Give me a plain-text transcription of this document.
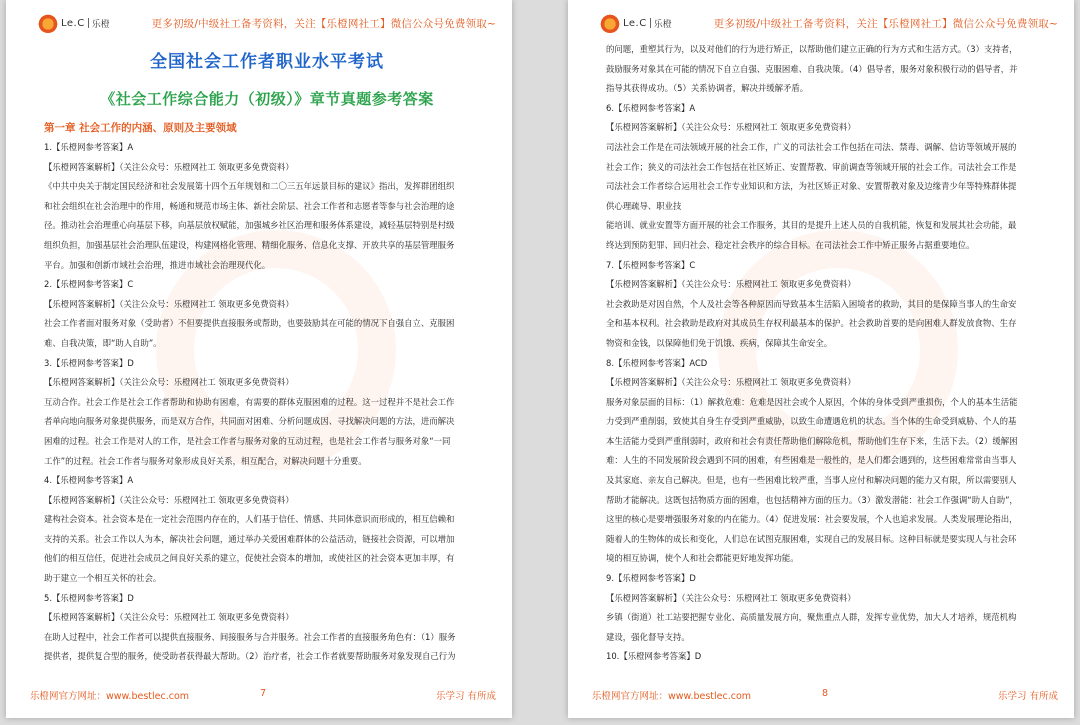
Le.C 乐橙	更多初级/中级社工备考资料，关注【乐橙网社工】微信公众号免费领取~

全国社会工作者职业水平考试

《社会工作综合能力（初级）》章节真题参考答案

第一章 社会工作的内涵、原则及主要领域

1.【乐橙网参考答案】A

【乐橙网答案解析】（关注公众号：乐橙网社工 领取更多免费资料）

《中共中央关于制定国民经济和社会发展第十四个五年规划和二〇三五年远景目标的建议》指出，发挥群团组织

和社会组织在社会治理中的作用，畅通和规范市场主体、新社会阶层、社会工作者和志愿者等参与社会治理的途

径。推动社会治理重心向基层下移，向基层放权赋能，加强城乡社区治理和服务体系建设，减轻基层特别是村级

组织负担，加强基层社会治理队伍建设，构建网格化管理、精细化服务、信息化支撑、开放共享的基层管理服务

平台。加强和创新市域社会治理，推进市域社会治理现代化。

2.【乐橙网参考答案】C

【乐橙网答案解析】（关注公众号：乐橙网社工 领取更多免费资料）

社会工作者面对服务对象（受助者）不但要提供直接服务或帮助，也要鼓励其在可能的情况下自强自立、克服困

难、自我决策，即“助人自助”。

3.【乐橙网参考答案】D

【乐橙网答案解析】（关注公众号：乐橙网社工 领取更多免费资料）

互动合作。社会工作是社会工作者帮助和协助有困难，有需要的群体克服困难的过程。这一过程并不是社会工作

者单向地向服务对象提供服务，而是双方合作，共同面对困难、分析问题成因、寻找解决问题的方法，进而解决

困难的过程。社会工作是对人的工作，是社会工作者与服务对象的互动过程，也是社会工作者与服务对象“一同

工作”的过程。社会工作者与服务对象形成良好关系，相互配合，对解决问题十分重要。

4.【乐橙网参考答案】A

【乐橙网答案解析】（关注公众号：乐橙网社工 领取更多免费资料）

建构社会资本。社会资本是在一定社会范围内存在的，人们基于信任、情感、共同体意识而形成的，相互信赖和

支持的关系。社会工作以人为本，解决社会问题，通过举办关爱困难群体的公益活动，链接社会资源，可以增加

他们的相互信任，促进社会成员之间良好关系的建立，促使社会资本的增加，或使社区的社会资本更加丰厚，有

助于建立一个相互关怀的社会。

5.【乐橙网参考答案】D

【乐橙网答案解析】（关注公众号：乐橙网社工 领取更多免费资料）

在助人过程中，社会工作者可以提供直接服务、间接服务与合并服务。社会工作者的直接服务角色有：（1）服务

提供者，提供复合型的服务，使受助者获得最大帮助。（2）治疗者，社会工作者就要帮助服务对象发现自己行为

乐橙网官方网址：www.bestlec.com	7	乐学习 有所成
Le.C 乐橙	更多初级/中级社工备考资料，关注【乐橙网社工】微信公众号免费领取~

的问题，重塑其行为，以及对他们的行为进行矫正，以帮助他们建立正确的行为方式和生活方式。（3）支持者，

鼓励服务对象其在可能的情况下自立自强、克服困难、自我决策。（4）倡导者，服务对象积极行动的倡导者，并

指导其获得成功。（5）关系协调者，解决并缓解矛盾。

6.【乐橙网参考答案】A

【乐橙网答案解析】（关注公众号：乐橙网社工 领取更多免费资料）

司法社会工作是在司法领域开展的社会工作，广义的司法社会工作包括在司法、禁毒、调解、信访等领域开展的

社会工作；狭义的司法社会工作包括在社区矫正、安置帮教、审前调查等领域开展的社会工作。司法社会工作是

司法社会工作者综合运用社会工作专业知识和方法，为社区矫正对象、安置帮教对象及边缘青少年等特殊群体提

供心理疏导、职业技

能培训、就业安置等方面开展的社会工作服务，其目的是提升上述人员的自我机能，恢复和发展其社会功能，最

终达到预防犯罪、回归社会、稳定社会秩序的综合目标。在司法社会工作中矫正服务占据重要地位。

7.【乐橙网参考答案】C

【乐橙网答案解析】（关注公众号：乐橙网社工 领取更多免费资料）

社会救助是对因自然，个人及社会等各种原因而导致基本生活陷入困境者的救助，其目的是保障当事人的生命安

全和基本权利。社会救助是政府对其成员生存权利最基本的保护。社会救助首要的是向困难人群发放食物、生存

物资和金钱，以保障他们免于饥饿、疾病，保障其生命安全。

8.【乐橙网参考答案】ACD

【乐橙网答案解析】（关注公众号：乐橙网社工 领取更多免费资料）

服务对象层面的目标：（1）解救危难：危难是因社会或个人原因，个体的身体受到严重损伤，个人的基本生活能

力受到严重削弱，致使其自身生存受到严重威胁，以致生命遭遇危机的状态。当个体的生命受到威胁、个人的基

本生活能力受到严重削弱时，政府和社会有责任帮助他们解除危机，帮助他们生存下来，生活下去。（2）缓解困

难：人生的不同发展阶段会遇到不同的困难，有些困难是一般性的，是人们都会遇到的，这些困难常常由当事人

及其家庭、亲友自己解决。但是，也有一些困难比较严重，当事人应付和解决问题的能力又有限，所以需要别人

帮助才能解决。这既包括物质方面的困难，也包括精神方面的压力。（3）激发潜能：社会工作强调“助人自助”，

这里的核心是要增强服务对象的内在能力。（4）促进发展：社会要发展，个人也追求发展。人类发展理论指出，

随着人的生物体的成长和变化，人们总在试图克服困难，实现自己的发展目标。这种目标就是要实现人与社会环

境的相互协调，使个人和社会都能更好地发挥功能。

9.【乐橙网参考答案】D

【乐橙网答案解析】（关注公众号：乐橙网社工 领取更多免费资料）

乡镇（街道）社工站要把握专业化、高质量发展方向，聚焦重点人群，发挥专业优势，加大人才培养，规范机构

建设，强化督导支持。

10.【乐橙网参考答案】D

乐橙网官方网址：www.bestlec.com	8	乐学习 有所成
